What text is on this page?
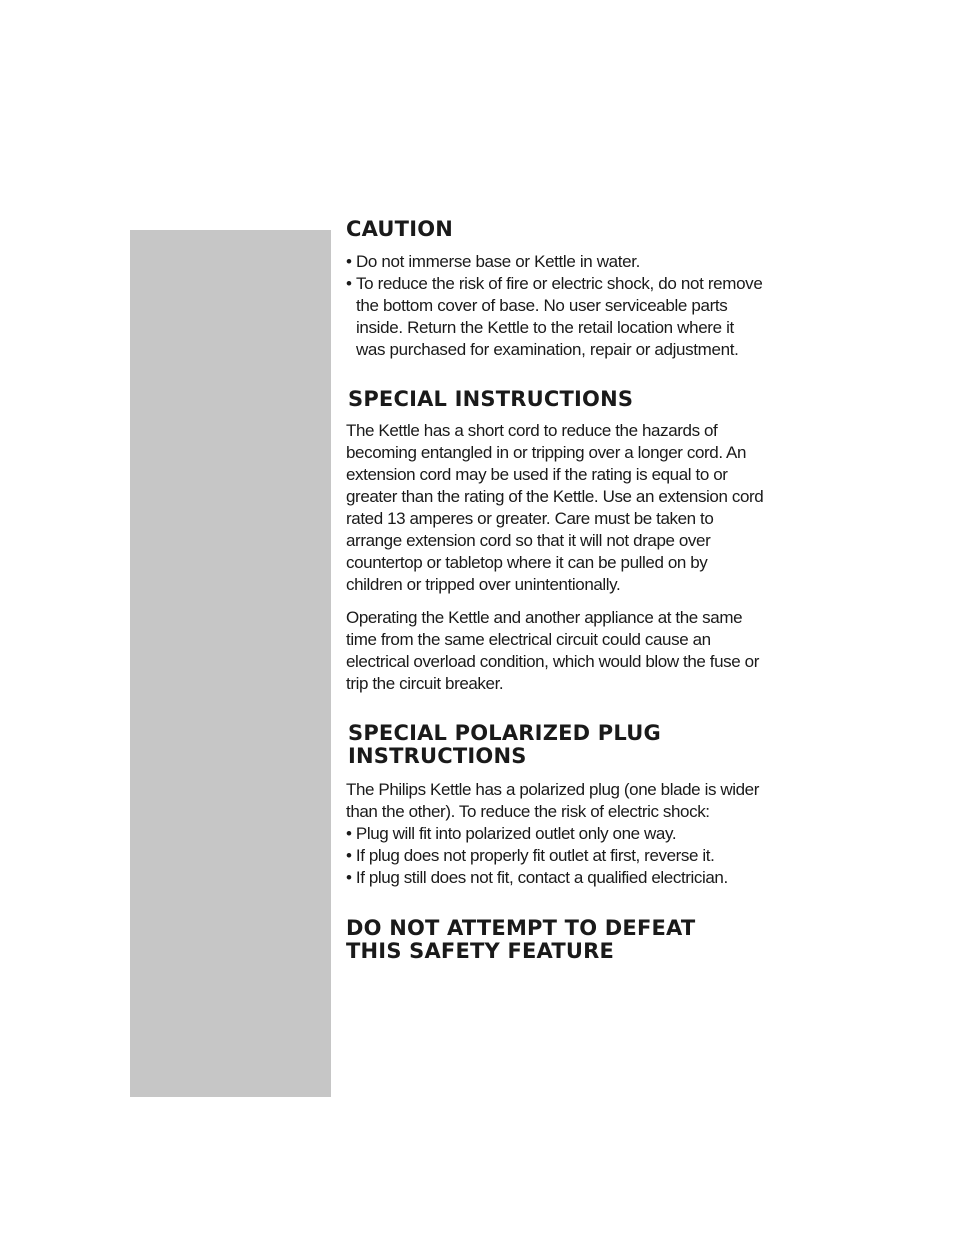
CAUTION
• Do not immerse base or Kettle in water.
• To reduce the risk of fire or electric shock, do not remove the bottom cover of base. No user serviceable parts inside. Return the Kettle to the retail location where it was purchased for examination, repair or adjustment.
SPECIAL INSTRUCTIONS

The Kettle has a short cord to reduce the hazards of becoming entangled in or tripping over a longer cord. An extension cord may be used if the rating is equal to or greater than the rating of the Kettle. Use an extension cord rated 13 amperes or greater. Care must be taken to arrange extension cord so that it will not drape over countertop or tabletop where it can be pulled on by children or tripped over unintentionally.

Operating the Kettle and another appliance at the same time from the same electrical circuit could cause an electrical overload condition, which would blow the fuse or trip the circuit breaker.

SPECIAL POLARIZED PLUG
INSTRUCTIONS

The Philips Kettle has a polarized plug (one blade is wider than the other). To reduce the risk of electric shock:

• Plug will fit into polarized outlet only one way.
• If plug does not properly fit outlet at first, reverse it.
• If plug still does not fit, contact a qualified electrician.
DO NOT ATTEMPT TO DEFEAT
THIS SAFETY FEATURE
